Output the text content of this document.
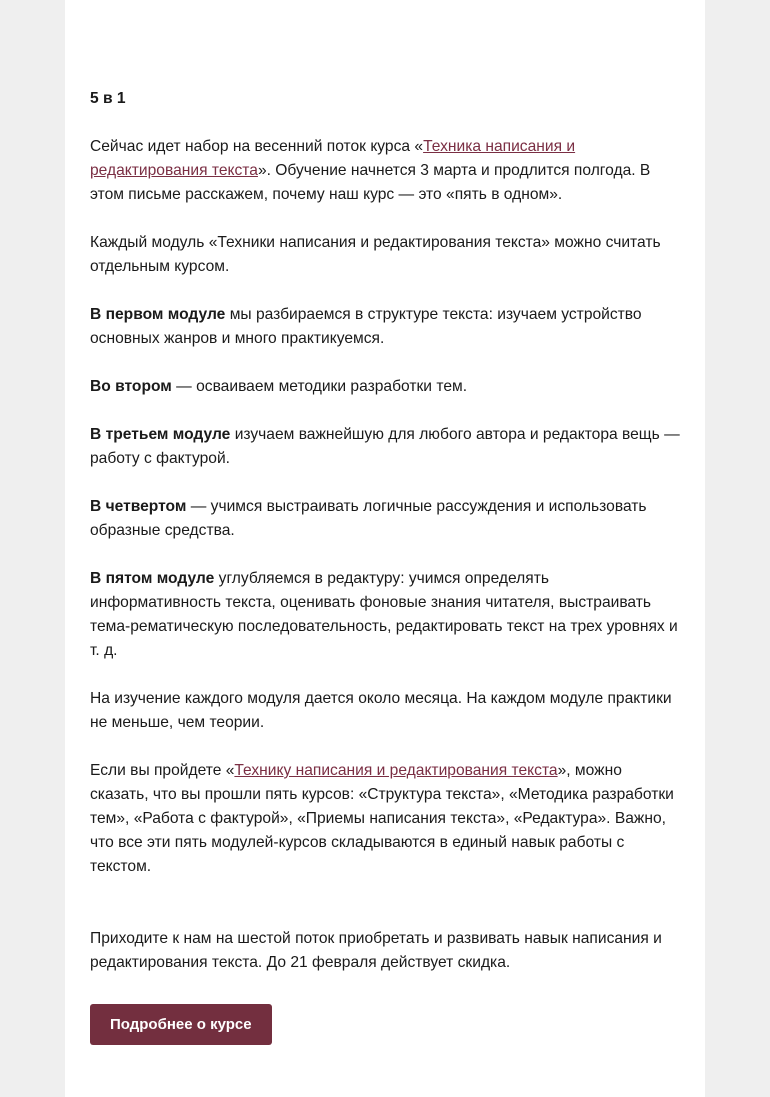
5 в 1

Сейчас идет набор на весенний поток курса «Техника написания и редактирования текста». Обучение начнется 3 марта и продлится полгода. В этом письме расскажем, почему наш курс — это «пять в одном».

Каждый модуль «Техники написания и редактирования текста» можно считать отдельным курсом.

В первом модуле мы разбираемся в структуре текста: изучаем устройство основных жанров и много практикуемся.

Во втором — осваиваем методики разработки тем.

В третьем модуле изучаем важнейшую для любого автора и редактора вещь — работу с фактурой.

В четвертом — учимся выстраивать логичные рассуждения и использовать образные средства.

В пятом модуле углубляемся в редактуру: учимся определять информативность текста, оценивать фоновые знания читателя, выстраивать тема-рематическую последовательность, редактировать текст на трех уровнях и т. д.

На изучение каждого модуля дается около месяца. На каждом модуле практики не меньше, чем теории.

Если вы пройдете «Технику написания и редактирования текста», можно сказать, что вы прошли пять курсов: «Структура текста», «Методика разработки тем», «Работа с фактурой», «Приемы написания текста», «Редактура». Важно, что все эти пять модулей-курсов складываются в единый навык работы с текстом.

Приходите к нам на шестой поток приобретать и развивать навык написания и редактирования текста. До 21 февраля действует скидка.

Подробнее о курсе
